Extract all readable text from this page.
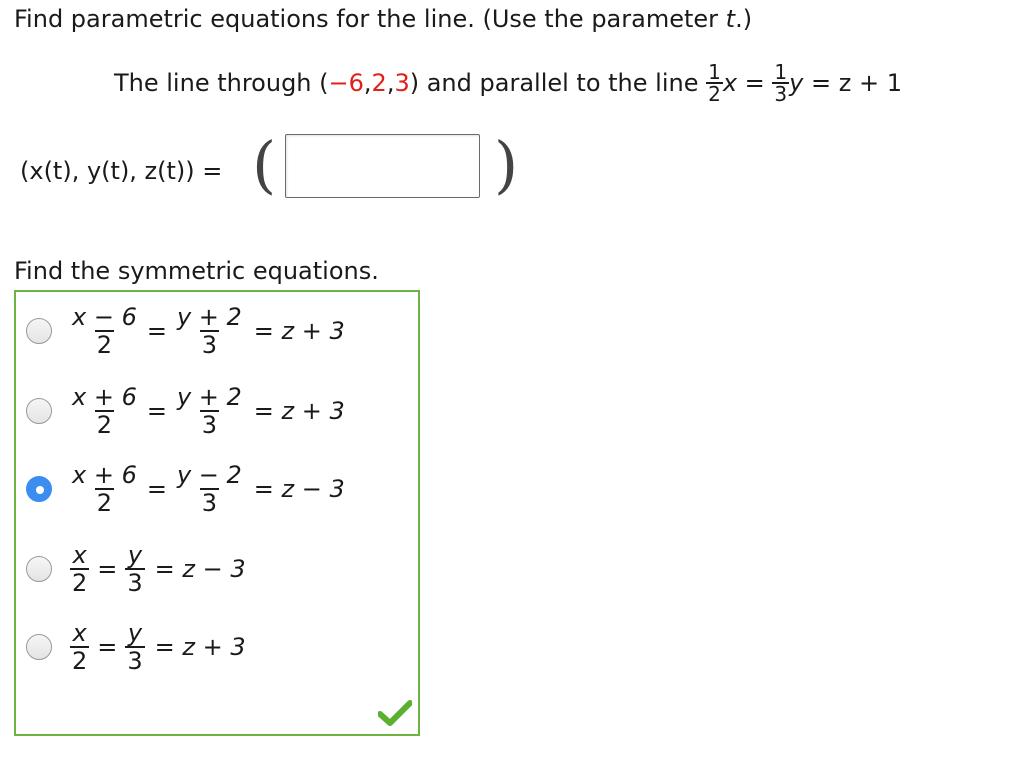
Find parametric equations for the line. (Use the parameter t.)
The line through ( −6 , 2 , 3 ) and parallel to the line $\frac{1}{2}$ $x = \frac{1}{3}$ y = z + 1
(x(t), y(t), z(t)) = (	)
Find the symmetric equations.
$\frac{x - 6}{2} = \frac{y + 2}{3} = z + 3$
$\frac{x + 6}{2} = \frac{y + 2}{3} = z + 3$
$\frac{x + 6}{2} = \frac{y - 2}{3} = z - 3$
$\frac{x}{2} = \frac{y}{3} = z - 3$
$\frac{x}{2} = \frac{y}{3} = z + 3$
